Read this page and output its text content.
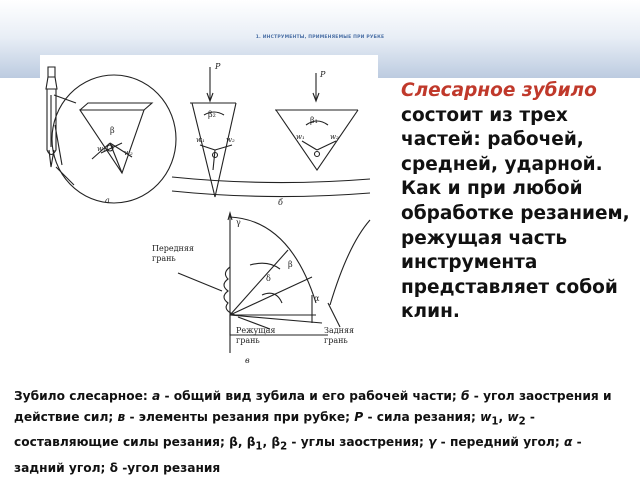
1. ИНСТРУМЕНТЫ, ПРИМЕНЯЕМЫЕ ПРИ РУБКЕ
а	б
в
P
P
β
β₂
β₁
w₁	w₂
w₁	w₂	w₁	w₂
γ
β
δ
α
Передняя
грань
Режущая
грань
Задняя
грань
Слесарное зубило состоит из трех частей: рабочей, средней, ударной. Как и при любой обработке резанием, режущая часть инструмента представляет собой клин.
Зубило слесарное: а - общий вид зубила и его рабочей части; б - угол заострения и действие сил; в - элементы резания при рубке; Р - сила резания; $w_1$, $w_2$ - составляющие силы резания; β, $\beta_1$, $\beta_2$ - углы заострения; γ - передний угол; α - задний угол; δ -угол резания
